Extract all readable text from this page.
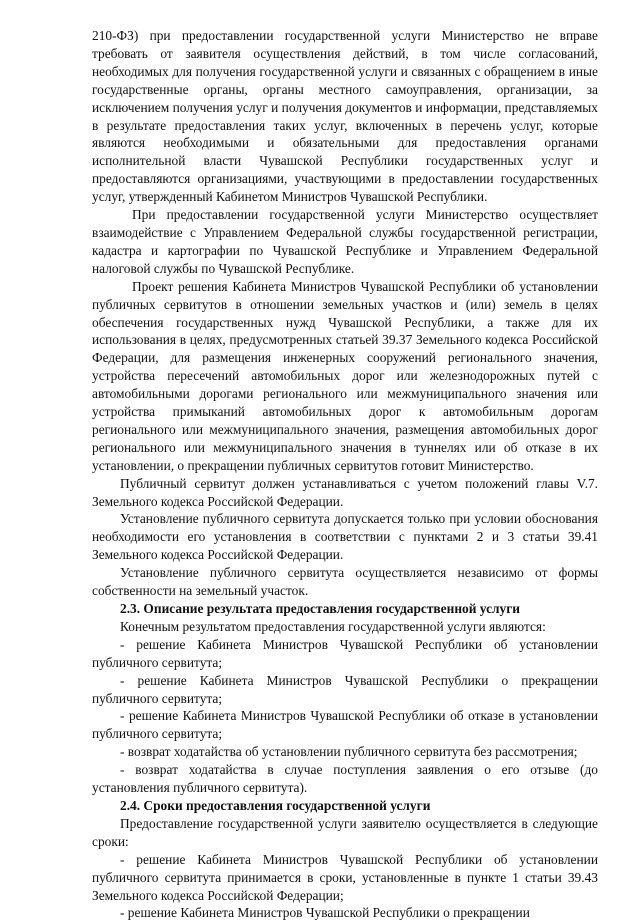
210-ФЗ) при предоставлении государственной услуги Министерство не вправе требовать от заявителя осуществления действий, в том числе согласований, необходимых для получения государственной услуги и связанных с обращением в иные государственные органы, органы местного самоуправления, организации, за исключением получения услуг и получения документов и информации, представляемых в результате предоставления таких услуг, включенных в перечень услуг, которые являются необходимыми и обязательными для предоставления органами исполнительной власти Чувашской Республики государственных услуг и предоставляются организациями, участвующими в предоставлении государственных услуг, утвержденный Кабинетом Министров Чувашской Республики.

При предоставлении государственной услуги Министерство осуществляет взаимодействие с Управлением Федеральной службы государственной регистрации, кадастра и картографии по Чувашской Республике и Управлением Федеральной налоговой службы по Чувашской Республике.

Проект решения Кабинета Министров Чувашской Республики об установлении публичных сервитутов в отношении земельных участков и (или) земель в целях обеспечения государственных нужд Чувашской Республики, а также для их использования в целях, предусмотренных статьей 39.37 Земельного кодекса Российской Федерации, для размещения инженерных сооружений регионального значения, устройства пересечений автомобильных дорог или железнодорожных путей с автомобильными дорогами регионального или межмуниципального значения или устройства примыканий автомобильных дорог к автомобильным дорогам регионального или межмуниципального значения, размещения автомобильных дорог регионального или межмуниципального значения в туннелях или об отказе в их установлении, о прекращении публичных сервитутов готовит Министерство.

Публичный сервитут должен устанавливаться с учетом положений главы V.7. Земельного кодекса Российской Федерации.

Установление публичного сервитута допускается только при условии обоснования необходимости его установления в соответствии с пунктами 2 и 3 статьи 39.41 Земельного кодекса Российской Федерации.

Установление публичного сервитута осуществляется независимо от формы собственности на земельный участок.

2.3. Описание результата предоставления государственной услуги

Конечным результатом предоставления государственной услуги являются:

- решение Кабинета Министров Чувашской Республики об установлении публичного сервитута;

- решение Кабинета Министров Чувашской Республики о прекращении публичного сервитута;

- решение Кабинета Министров Чувашской Республики об отказе в установлении публичного сервитута;

- возврат ходатайства об установлении публичного сервитута без рассмотрения;

- возврат ходатайства в случае поступления заявления о его отзыве (до установления публичного сервитута).

2.4. Сроки предоставления государственной услуги

Предоставление государственной услуги заявителю осуществляется в следующие сроки:

- решение Кабинета Министров Чувашской Республики об установлении публичного сервитута принимается в сроки, установленные в пункте 1 статьи 39.43 Земельного кодекса Российской Федерации;

- решение Кабинета Министров Чувашской Республики о прекращении
